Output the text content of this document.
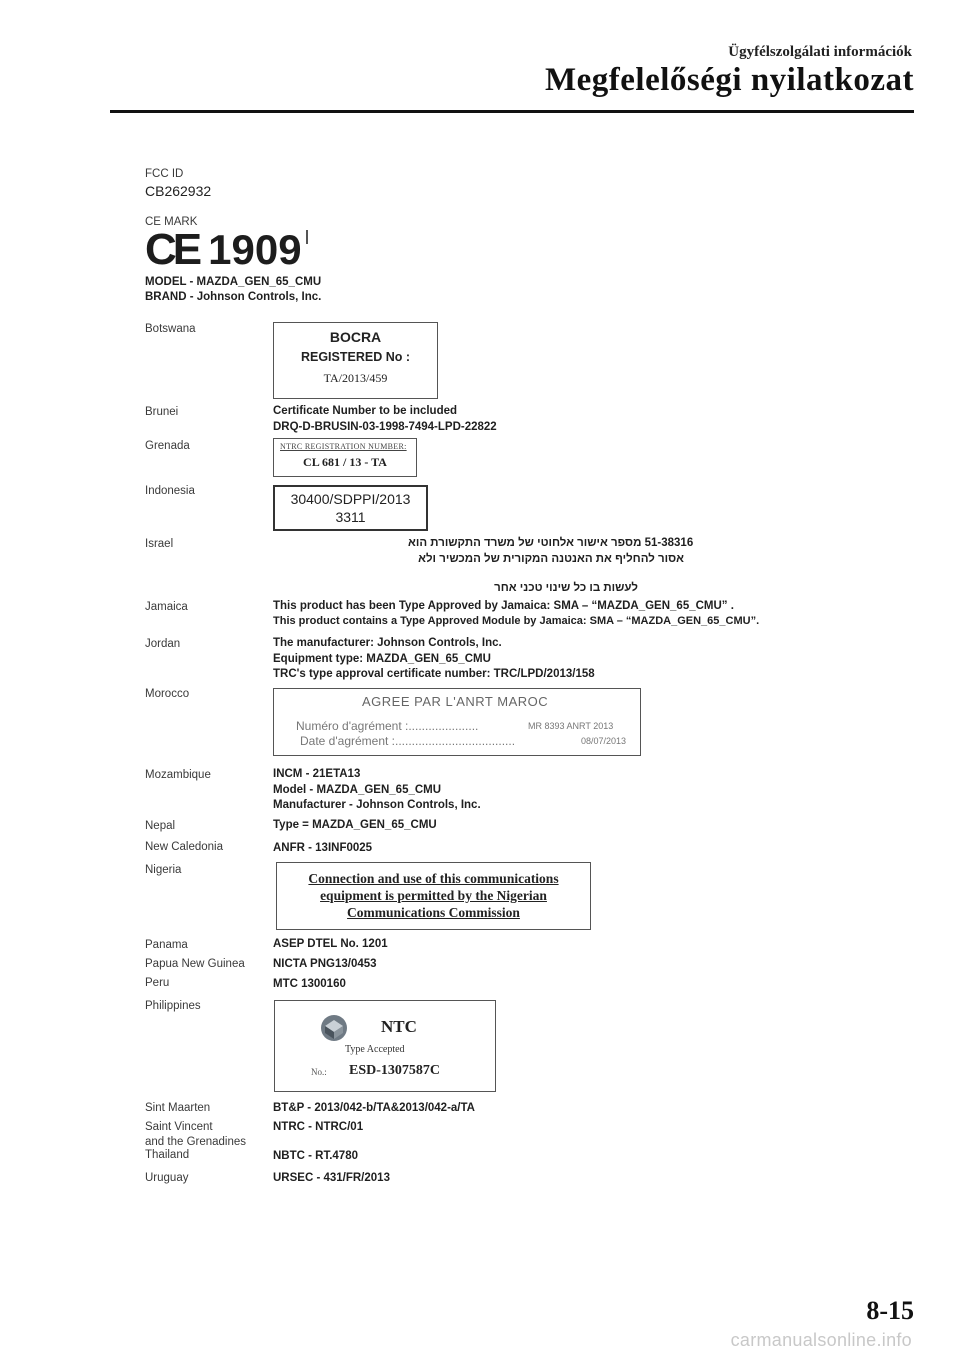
Ügyfélszolgálati információk
Megfelelőségi nyilatkozat
FCC ID
CB262932
CE MARK
CE 1909
MODEL - MAZDA_GEN_65_CMU
BRAND - Johnson Controls, Inc.
Botswana	BOCRA
REGISTERED No :
TA/2013/459
Brunei	Certificate Number to be included
DRQ-D-BRUSIN-03-1998-7494-LPD-22822
Grenada	NTRC REGISTRATION NUMBER:
CL 681 / 13 - TA
Indonesia	30400/SDPPI/2013
3311
Israel	51-38316 מספר אישור אלחוטי של משרד התקשורת הוא
אסור להחליף את האנטנה המקורית של המכשיר ולא
לעשות בו כל שינוי טכני אחר
Jamaica	This product has been Type Approved by Jamaica: SMA – “MAZDA_GEN_65_CMU” .
This product contains a Type Approved Module by Jamaica: SMA – “MAZDA_GEN_65_CMU”.
Jordan	The manufacturer: Johnson Controls, Inc.
Equipment type: MAZDA_GEN_65_CMU
TRC's type approval certificate number: TRC/LPD/2013/158
Morocco	AGREE PAR L'ANRT MAROC
Numéro d'agrément :.....................	MR 8393 ANRT 2013
Date d'agrément :....................................	08/07/2013
Mozambique	INCM - 21ETA13
Model - MAZDA_GEN_65_CMU
Manufacturer - Johnson Controls, Inc.
Nepal	Type = MAZDA_GEN_65_CMU
New Caledonia	ANFR - 13INF0025
Nigeria
Connection and use of this communications
equipment is permitted by the Nigerian
Communications Commission
Panama	ASEP DTEL No. 1201
Papua New Guinea NICTA PNG13/0453
Peru	MTC 1300160
Philippines
NTC
Type Accepted
No.: ESD-1307587C
Sint Maarten	BT&P - 2013/042-b/TA&2013/042-a/TA
Saint Vincent
and the Grenadines
NTRC - NTRC/01
Thailand	NBTC - RT.4780
Uruguay	URSEC - 431/FR/2013
8-15
carmanualsonline.info
